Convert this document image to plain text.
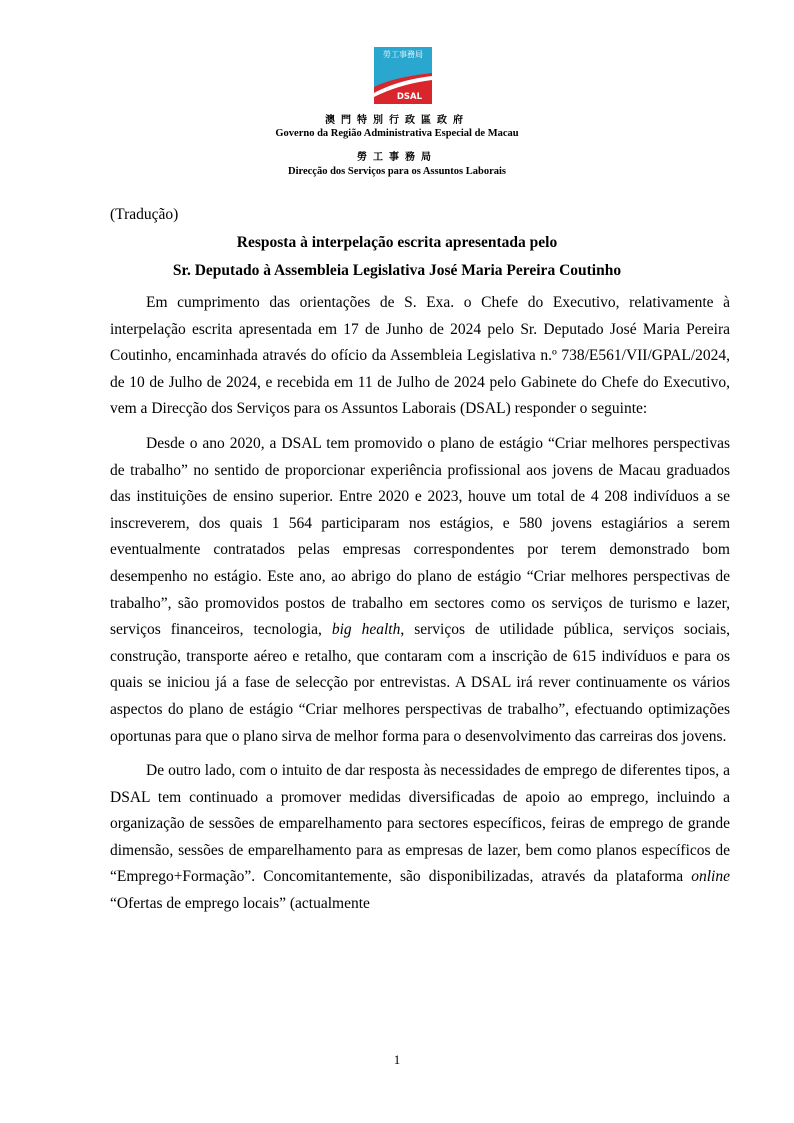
勞工事務局
DSAL
澳門特別行政區政府
Governo da Região Administrativa Especial de Macau
勞工事務局
Direcção dos Serviços para os Assuntos Laborais
(Tradução)
Resposta à interpelação escrita apresentada pelo
Sr. Deputado à Assembleia Legislativa José Maria Pereira Coutinho

Em cumprimento das orientações de S. Exa. o Chefe do Executivo, relativamente à interpelação escrita apresentada em 17 de Junho de 2024 pelo Sr. Deputado José Maria Pereira Coutinho, encaminhada através do ofício da Assembleia Legislativa n.º 738/E561/VII/GPAL/2024, de 10 de Julho de 2024, e recebida em 11 de Julho de 2024 pelo Gabinete do Chefe do Executivo, vem a Direcção dos Serviços para os Assuntos Laborais (DSAL) responder o seguinte:

Desde o ano 2020, a DSAL tem promovido o plano de estágio “Criar melhores perspectivas de trabalho” no sentido de proporcionar experiência profissional aos jovens de Macau graduados das instituições de ensino superior. Entre 2020 e 2023, houve um total de 4 208 indivíduos a se inscreverem, dos quais 1 564 participaram nos estágios, e 580 jovens estagiários a serem eventualmente contratados pelas empresas correspondentes por terem demonstrado bom desempenho no estágio. Este ano, ao abrigo do plano de estágio “Criar melhores perspectivas de trabalho”, são promovidos postos de trabalho em sectores como os serviços de turismo e lazer, serviços financeiros, tecnologia, big health, serviços de utilidade pública, serviços sociais, construção, transporte aéreo e retalho, que contaram com a inscrição de 615 indivíduos e para os quais se iniciou já a fase de selecção por entrevistas. A DSAL irá rever continuamente os vários aspectos do plano de estágio “Criar melhores perspectivas de trabalho”, efectuando optimizações oportunas para que o plano sirva de melhor forma para o desenvolvimento das carreiras dos jovens.

De outro lado, com o intuito de dar resposta às necessidades de emprego de diferentes tipos, a DSAL tem continuado a promover medidas diversificadas de apoio ao emprego, incluindo a organização de sessões de emparelhamento para sectores específicos, feiras de emprego de grande dimensão, sessões de emparelhamento para as empresas de lazer, bem como planos específicos de “Emprego+Formação”. Concomitantemente, são disponibilizadas, através da plataforma online “Ofertas de emprego locais” (actualmente

1
